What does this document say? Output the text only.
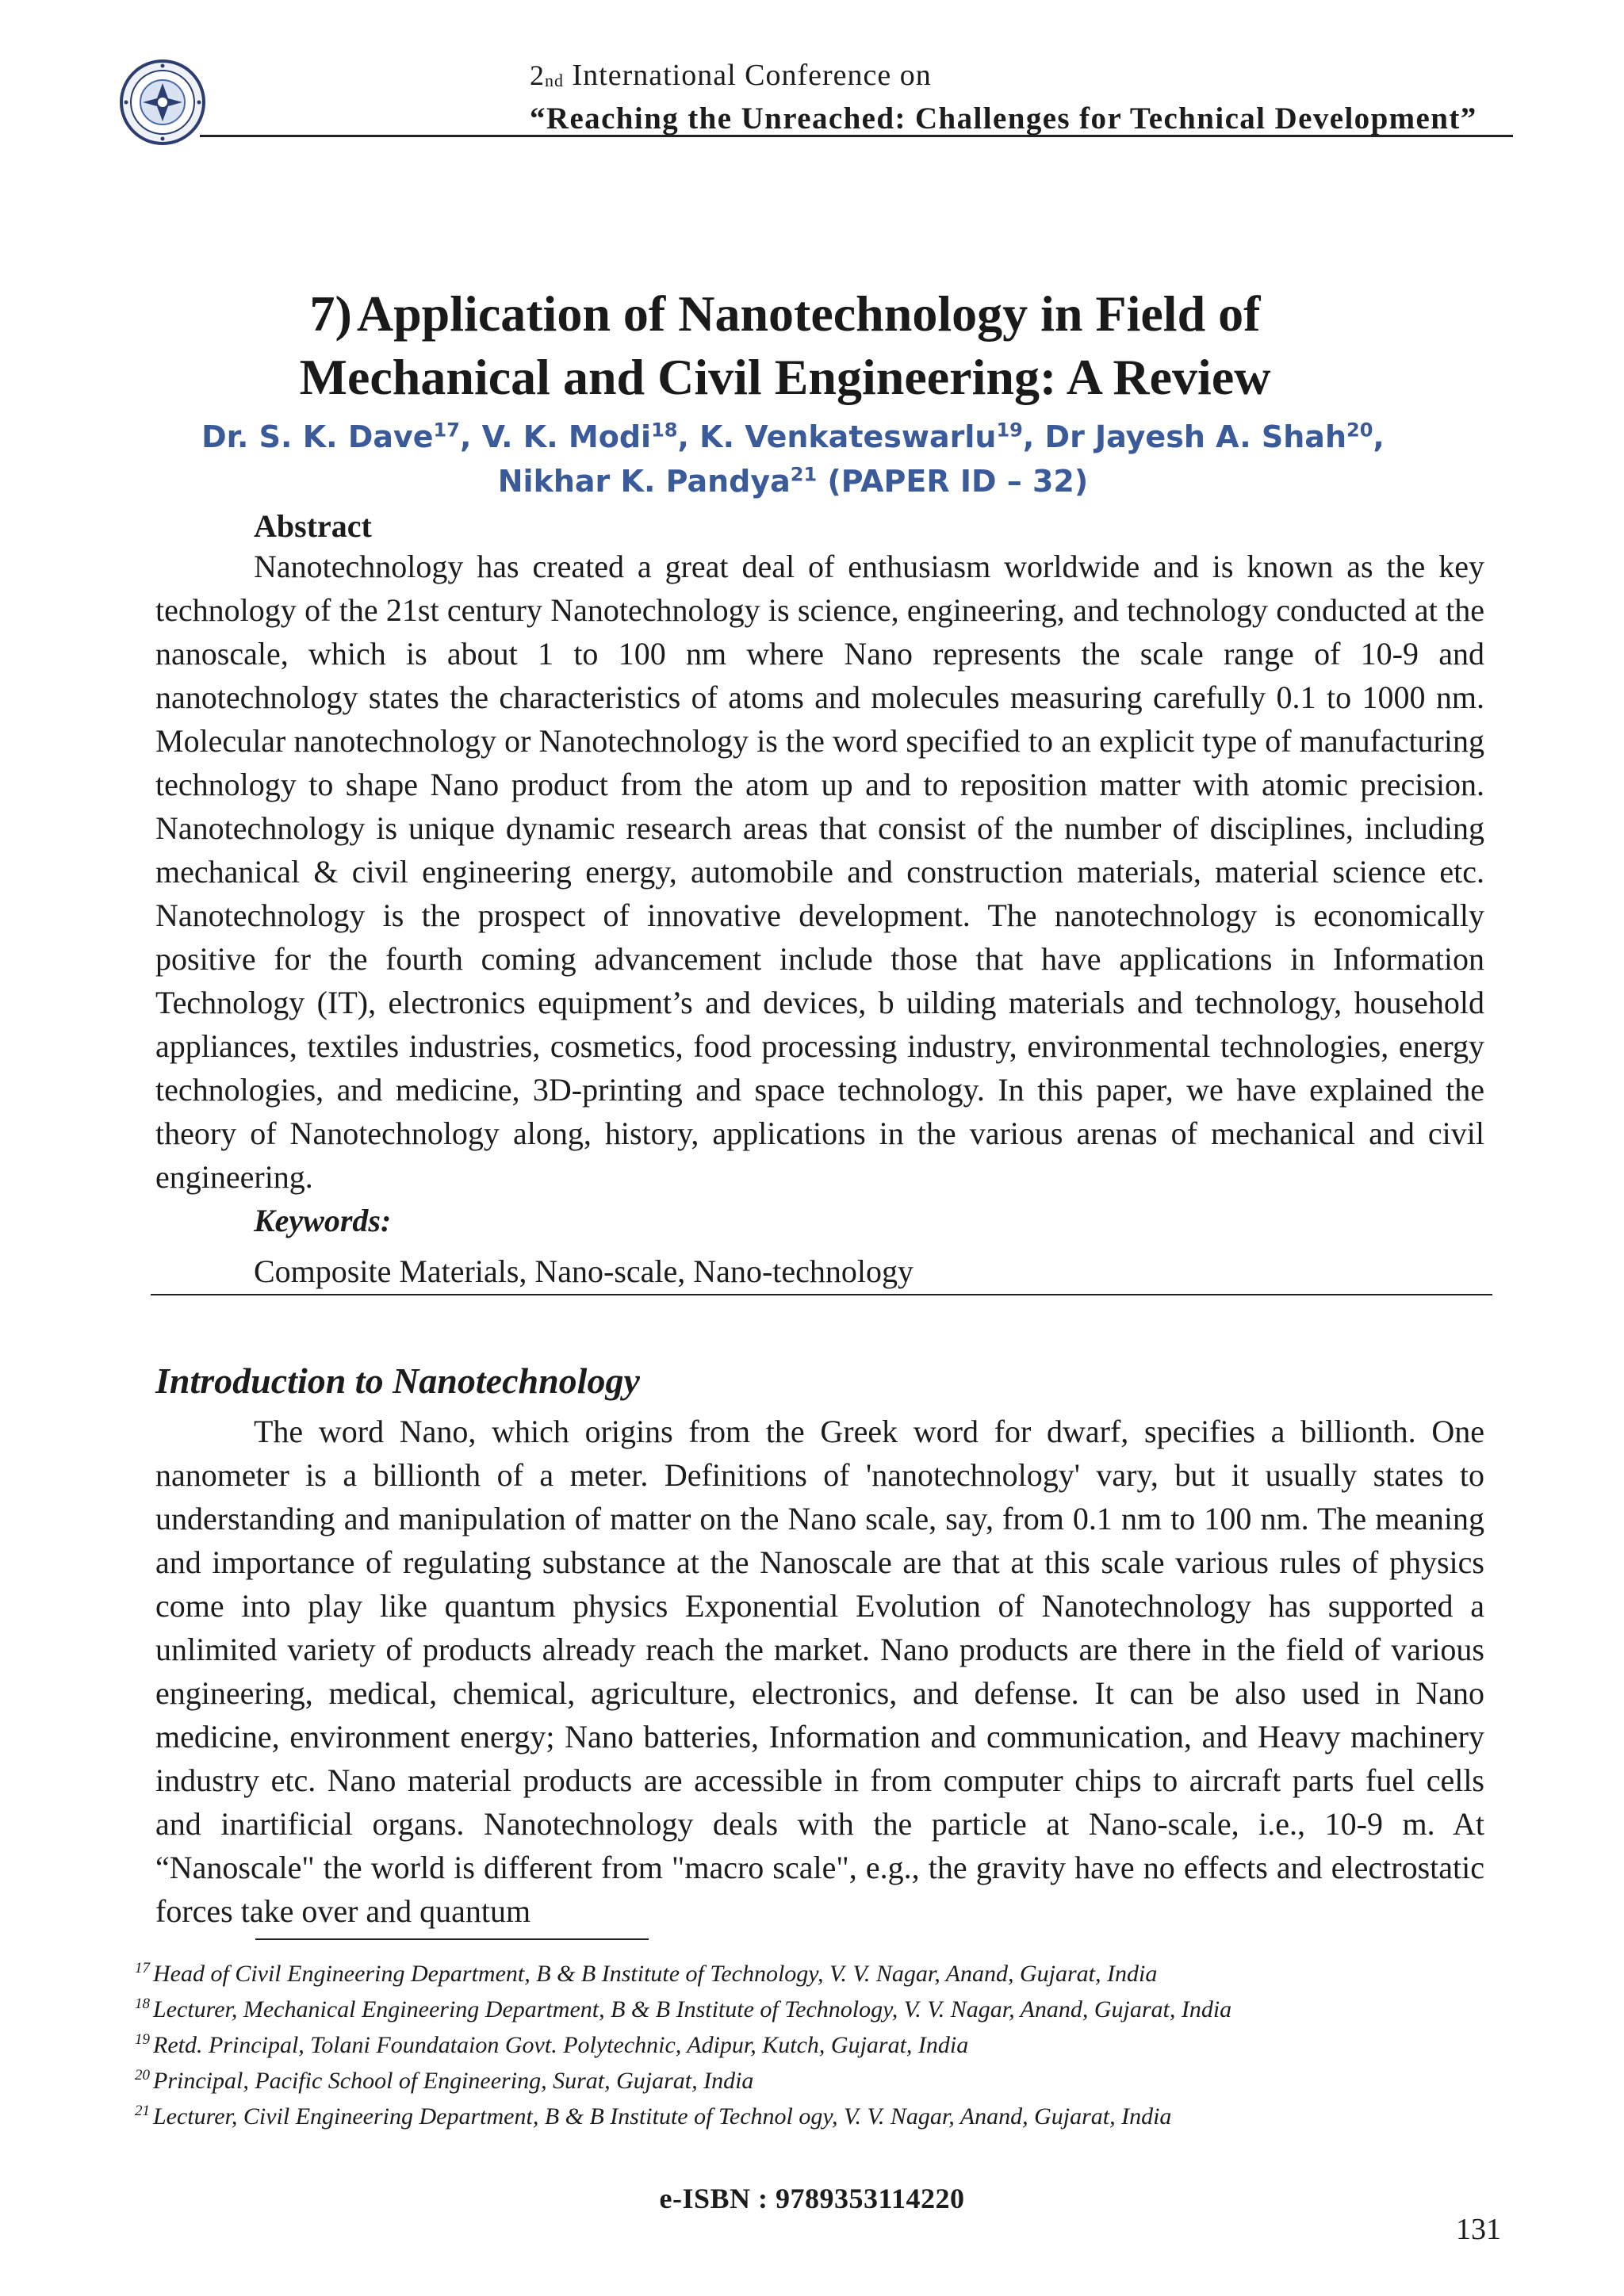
2nd International Conference on
“Reaching the Unreached: Challenges for Technical Development”
7)Application of Nanotechnology in Field of
Mechanical and Civil Engineering: A Review
Dr. S. K. Dave$^{17}$, V. K. Modi$^{18}$, K. Venkateswarlu$^{19}$, Dr Jayesh A. Shah$^{20}$,
Nikhar K. Pandya$^{21}$ (PAPER ID – 32)
Abstract

Nanotechnology has created a great deal of enthusiasm worldwide and is known as the key technology of the 21st century Nanotechnology is science, engineering, and technology conducted at the nanoscale, which is about 1 to 100 nm where Nano represents the scale range of 10-9 and nanotechnology states the characteristics of atoms and molecules measuring carefully 0.1 to 1000 nm. Molecular nanotechnology or Nanotechnology is the word specified to an explicit type of manufacturing technology to shape Nano product from the atom up and to reposition matter with atomic precision. Nanotechnology is unique dynamic research areas that consist of the number of disciplines, including mechanical & civil engineering energy, automobile and construction materials, material science etc. Nanotechnology is the prospect of innovative development. The nanotechnology is economically positive for the fourth coming advancement include those that have applications in Information Technology (IT), electronics equipment’s and devices, b uilding materials and technology, household appliances, textiles industries, cosmetics, food processing industry, environmental technologies, energy technologies, and medicine, 3D-printing and space technology. In this paper, we have explained the theory of Nanotechnology along, history, applications in the various arenas of mechanical and civil engineering.

Keywords:
Composite Materials, Nano-scale, Nano-technology
Introduction to Nanotechnology

The word Nano, which origins from the Greek word for dwarf, specifies a billionth. One nanometer is a billionth of a meter. Definitions of 'nanotechnology' vary, but it usually states to understanding and manipulation of matter on the Nano scale, say, from 0.1 nm to 100 nm. The meaning and importance of regulating substance at the Nanoscale are that at this scale various rules of physics come into play like quantum physics Exponential Evolution of Nanotechnology has supported a unlimited variety of products already reach the market. Nano products are there in the field of various engineering, medical, chemical, agriculture, electronics, and defense. It can be also used in Nano medicine, environment energy; Nano batteries, Information and communication, and Heavy machinery industry etc. Nano material products are accessible in from computer chips to aircraft parts fuel cells and inartificial organs. Nanotechnology deals with the particle at Nano-scale, i.e., 10-9 m. At “Nanoscale" the world is different from "macro scale", e.g., the gravity have no effects and electrostatic forces take over and quantum

$^{17}$ Head of Civil Engineering Department, B & B Institute of Technology, V. V. Nagar, Anand, Gujarat, India
$^{18}$ Lecturer, Mechanical Engineering Department, B & B Institute of Technology, V. V. Nagar, Anand, Gujarat, India
$^{19}$ Retd. Principal, Tolani Foundataion Govt. Polytechnic, Adipur, Kutch, Gujarat, India
$^{20}$ Principal, Pacific School of Engineering, Surat, Gujarat, India
$^{21}$ Lecturer, Civil Engineering Department, B & B Institute of Technol ogy, V. V. Nagar, Anand, Gujarat, India
e-ISBN : 9789353114220
131
